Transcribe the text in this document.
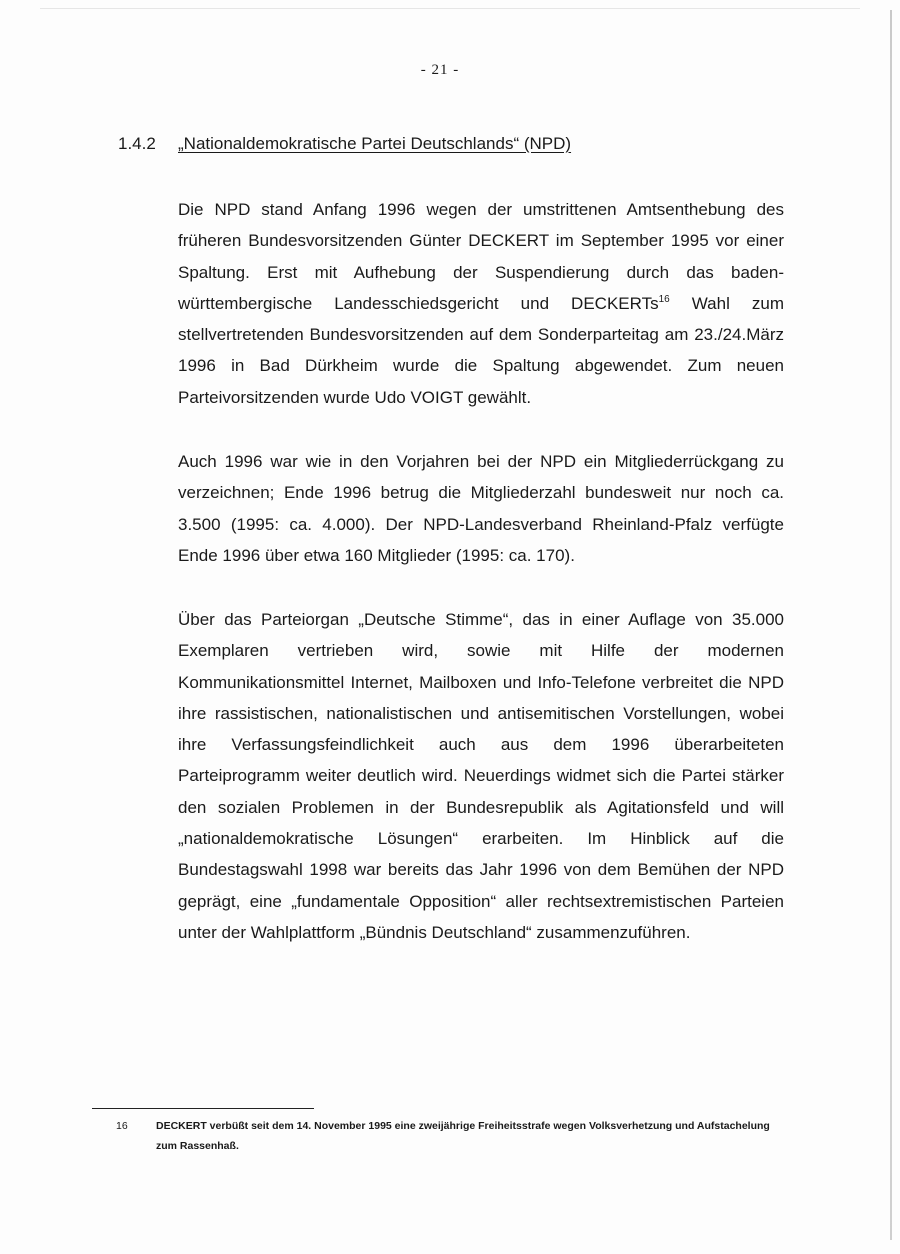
- 21 -
1.4.2 „Nationaldemokratische Partei Deutschlands“ (NPD)

Die NPD stand Anfang 1996 wegen der umstrittenen Amtsenthebung des früheren Bundesvorsitzenden Günter DECKERT im September 1995 vor einer Spaltung. Erst mit Aufhebung der Suspendierung durch das baden-württembergische Landesschiedsgericht und DECKERTs$^{16}$ Wahl zum stellvertretenden Bundesvorsitzenden auf dem Sonderparteitag am 23./24.März 1996 in Bad Dürkheim wurde die Spaltung abgewendet. Zum neuen Parteivorsitzenden wurde Udo VOIGT gewählt.

Auch 1996 war wie in den Vorjahren bei der NPD ein Mitgliederrückgang zu verzeichnen; Ende 1996 betrug die Mitgliederzahl bundesweit nur noch ca. 3.500 (1995: ca. 4.000). Der NPD-Landesverband Rheinland-Pfalz verfügte Ende 1996 über etwa 160 Mitglieder (1995: ca. 170).

Über das Parteiorgan „Deutsche Stimme“, das in einer Auflage von 35.000 Exemplaren vertrieben wird, sowie mit Hilfe der modernen Kommunikationsmittel Internet, Mailboxen und Info-Telefone verbreitet die NPD ihre rassistischen, nationalistischen und antisemitischen Vorstellungen, wobei ihre Verfassungsfeindlichkeit auch aus dem 1996 überarbeiteten Parteiprogramm weiter deutlich wird. Neuerdings widmet sich die Partei stärker den sozialen Problemen in der Bundesrepublik als Agitationsfeld und will „nationaldemokratische Lösungen“ erarbeiten. Im Hinblick auf die Bundestagswahl 1998 war bereits das Jahr 1996 von dem Bemühen der NPD geprägt, eine „fundamentale Opposition“ aller rechtsextremistischen Parteien unter der Wahlplattform „Bündnis Deutschland“ zusammenzuführen.

16	DECKERT verbüßt seit dem 14. November 1995 eine zweijährige Freiheitsstrafe wegen Volksverhetzung und Aufstachelung zum Rassenhaß.
